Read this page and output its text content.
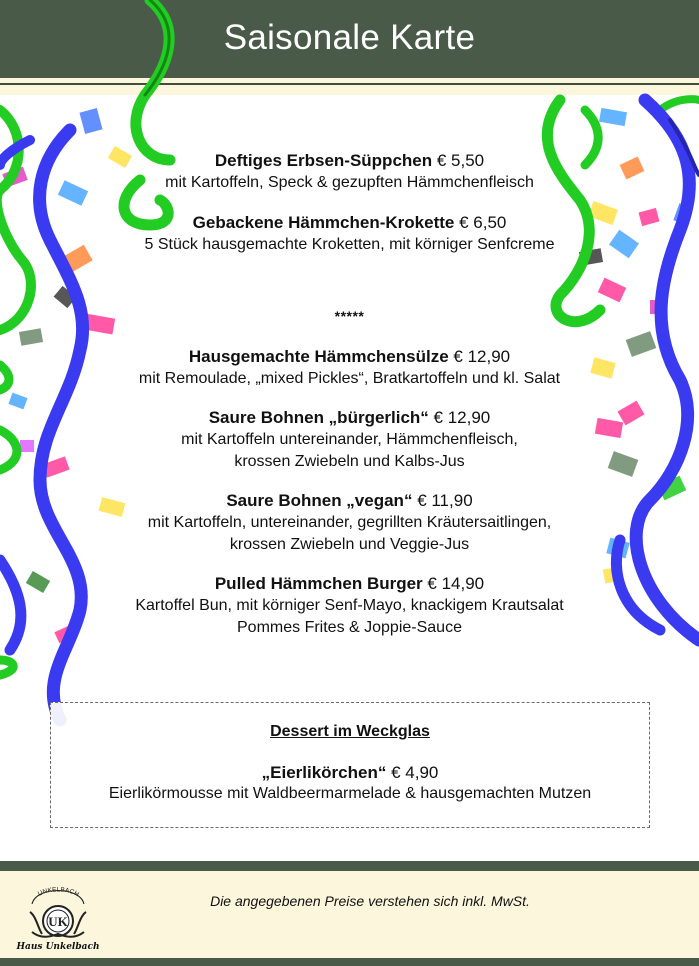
Saisonale Karte
Deftiges Erbsen-Süppchen € 5,50
mit Kartoffeln, Speck & gezupften Hämmchenfleisch
Gebackene Hämmchen-Krokette € 6,50
5 Stück hausgemachte Kroketten, mit körniger Senfcreme
*****
Hausgemachte Hämmchensülze € 12,90
mit Remoulade, „mixed Pickles“, Bratkartoffeln und kl. Salat
Saure Bohnen „bürgerlich“ € 12,90
mit Kartoffeln untereinander, Hämmchenfleisch,
krossen Zwiebeln und Kalbs-Jus
Saure Bohnen „vegan“ € 11,90
mit Kartoffeln, untereinander, gegrillten Kräutersaitlingen,
krossen Zwiebeln und Veggie-Jus
Pulled Hämmchen Burger € 14,90
Kartoffel Bun, mit körniger Senf-Mayo, knackigem Krautsalat
Pommes Frites & Joppie-Sauce
Dessert im Weckglas
„Eierlikörchen“ € 4,90
Eierlikörmousse mit Waldbeermarmelade & hausgemachten Mutzen
UNKELBACH
UK
Haus Unkelbach
Die angegebenen Preise verstehen sich inkl. MwSt.
